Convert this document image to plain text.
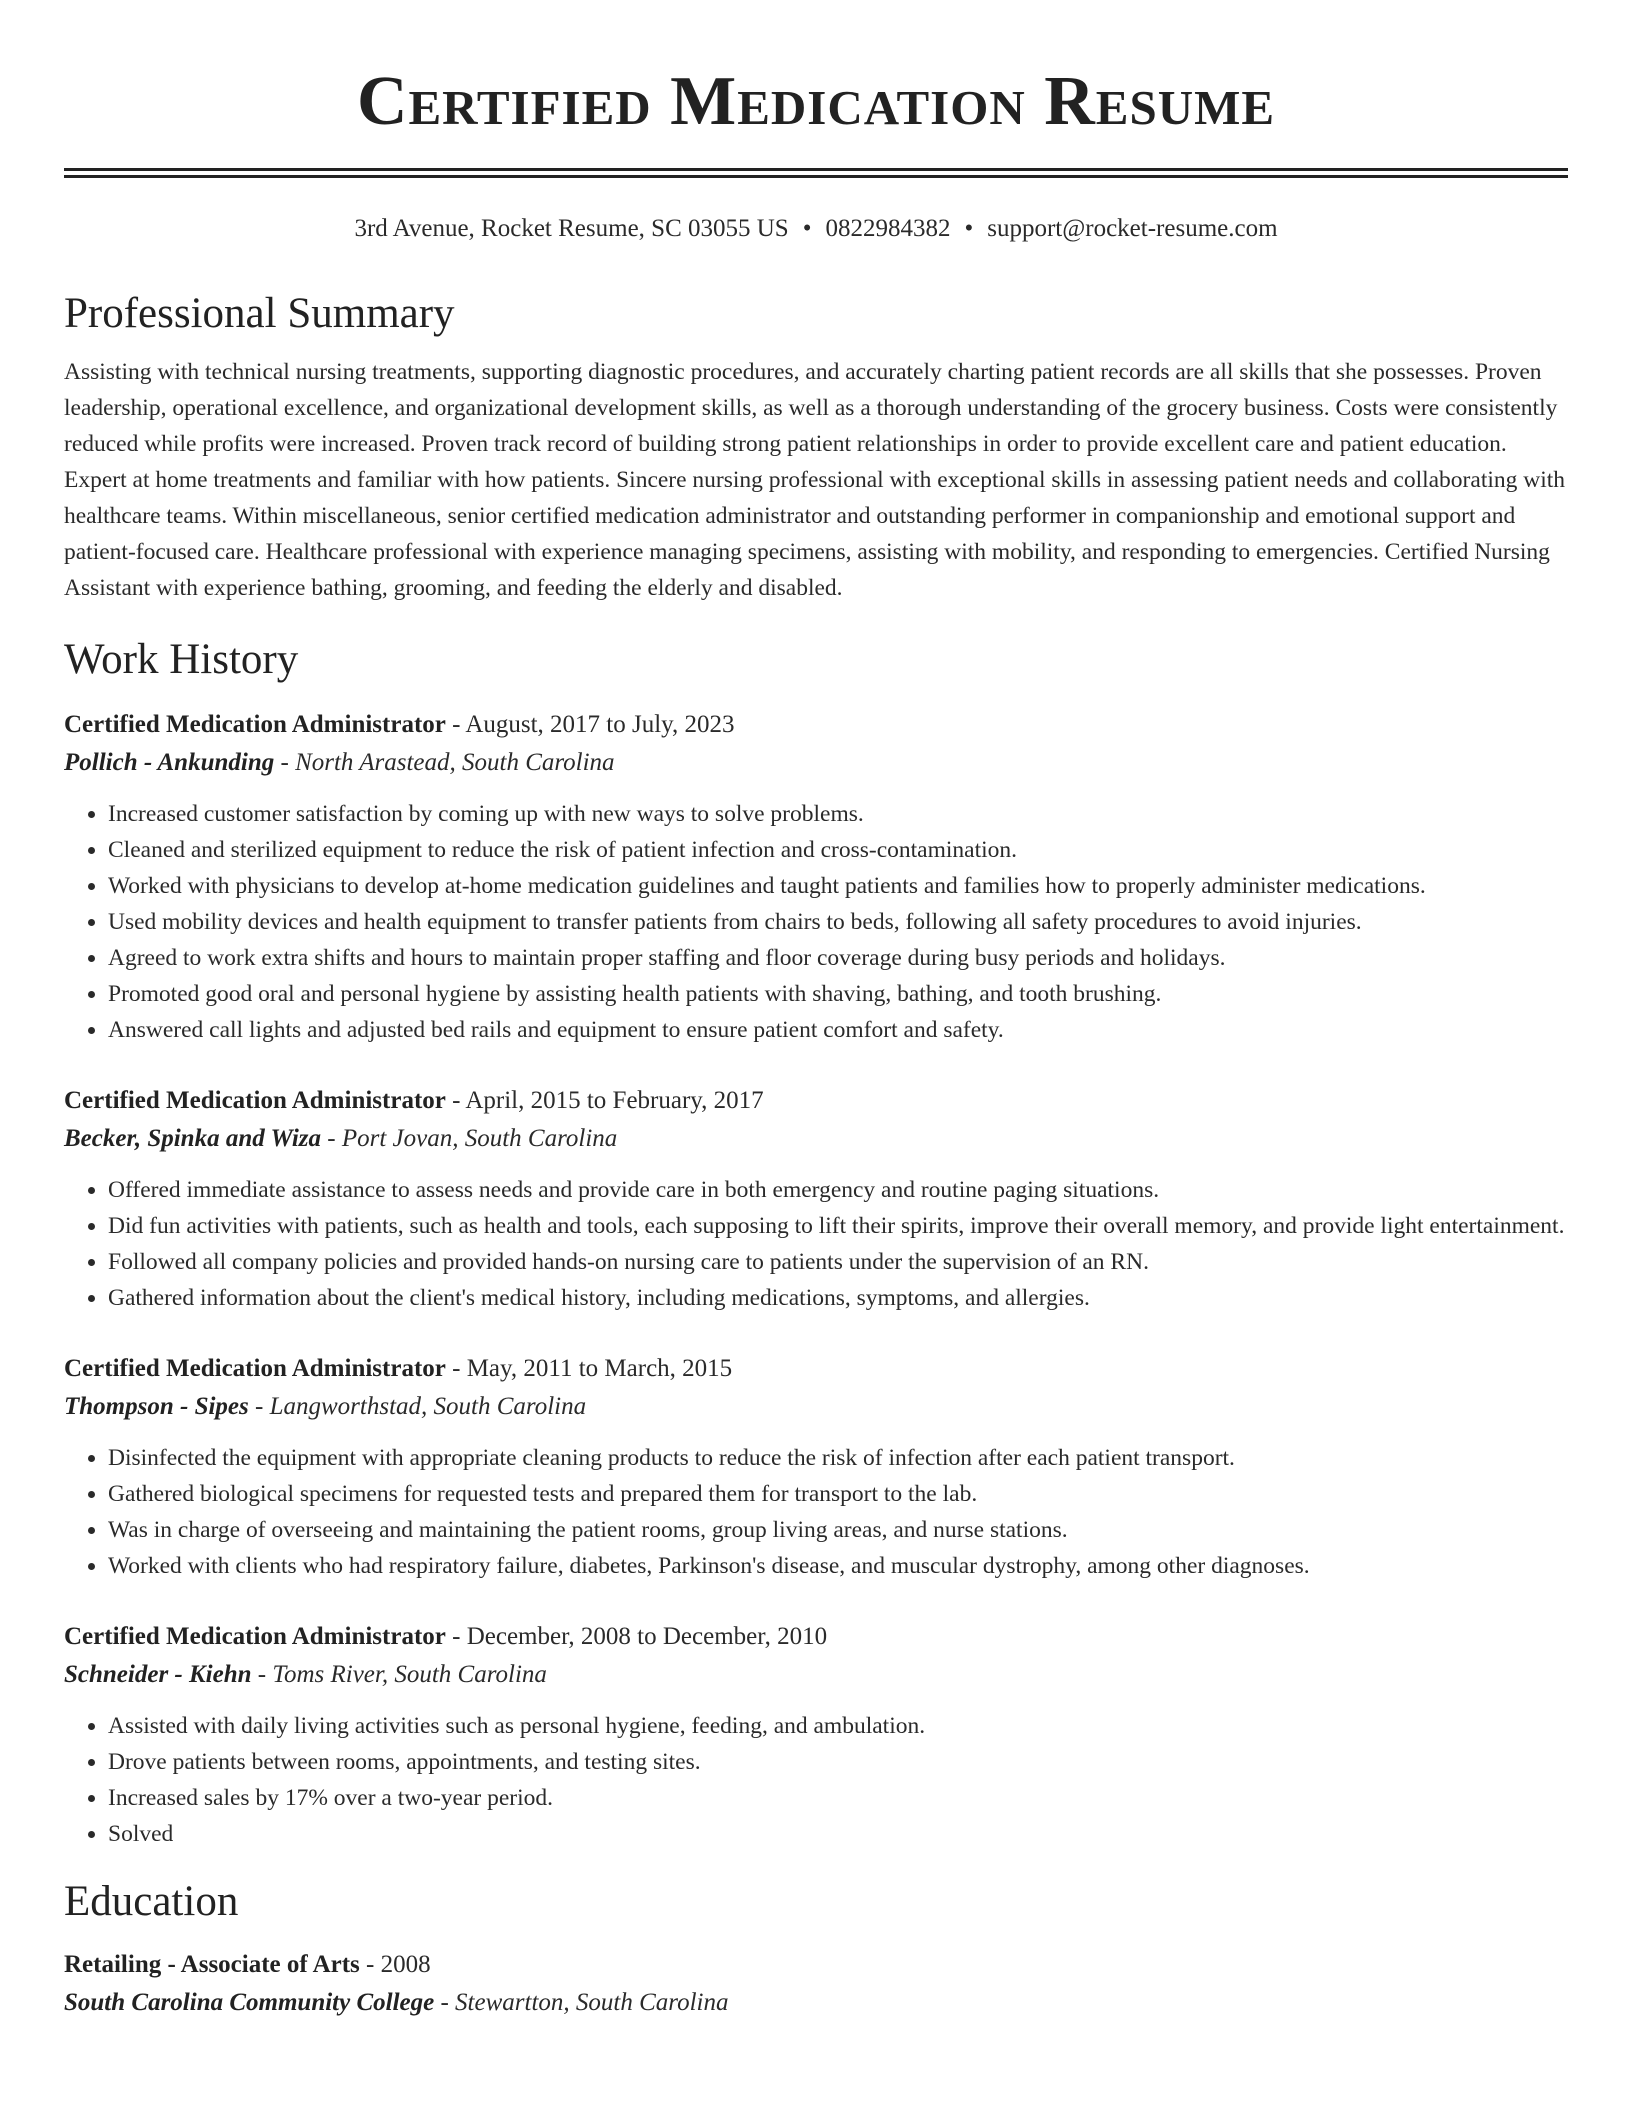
Certified Medication Resume
3rd Avenue, Rocket Resume, SC 03055 US • 0822984382 • support@rocket-resume.com
Professional Summary
Assisting with technical nursing treatments, supporting diagnostic procedures, and accurately charting patient records are all skills that she possesses. Proven leadership, operational excellence, and organizational development skills, as well as a thorough understanding of the grocery business. Costs were consistently reduced while profits were increased. Proven track record of building strong patient relationships in order to provide excellent care and patient education. Expert at home treatments and familiar with how patients. Sincere nursing professional with exceptional skills in assessing patient needs and collaborating with healthcare teams. Within miscellaneous, senior certified medication administrator and outstanding performer in companionship and emotional support and patient-focused care. Healthcare professional with experience managing specimens, assisting with mobility, and responding to emergencies. Certified Nursing Assistant with experience bathing, grooming, and feeding the elderly and disabled.
Work History
Certified Medication Administrator - August, 2017 to July, 2023
Pollich - Ankunding - North Arastead, South Carolina
• Increased customer satisfaction by coming up with new ways to solve problems.
• Cleaned and sterilized equipment to reduce the risk of patient infection and cross-contamination.
• Worked with physicians to develop at-home medication guidelines and taught patients and families how to properly administer medications.
• Used mobility devices and health equipment to transfer patients from chairs to beds, following all safety procedures to avoid injuries.
• Agreed to work extra shifts and hours to maintain proper staffing and floor coverage during busy periods and holidays.
• Promoted good oral and personal hygiene by assisting health patients with shaving, bathing, and tooth brushing.
• Answered call lights and adjusted bed rails and equipment to ensure patient comfort and safety.
Certified Medication Administrator - April, 2015 to February, 2017
Becker, Spinka and Wiza - Port Jovan, South Carolina
• Offered immediate assistance to assess needs and provide care in both emergency and routine paging situations.
• Did fun activities with patients, such as health and tools, each supposing to lift their spirits, improve their overall memory, and provide light entertainment.
• Followed all company policies and provided hands-on nursing care to patients under the supervision of an RN.
• Gathered information about the client's medical history, including medications, symptoms, and allergies.
Certified Medication Administrator - May, 2011 to March, 2015
Thompson - Sipes - Langworthstad, South Carolina
• Disinfected the equipment with appropriate cleaning products to reduce the risk of infection after each patient transport.
• Gathered biological specimens for requested tests and prepared them for transport to the lab.
• Was in charge of overseeing and maintaining the patient rooms, group living areas, and nurse stations.
• Worked with clients who had respiratory failure, diabetes, Parkinson's disease, and muscular dystrophy, among other diagnoses.
Certified Medication Administrator - December, 2008 to December, 2010
Schneider - Kiehn - Toms River, South Carolina
• Assisted with daily living activities such as personal hygiene, feeding, and ambulation.
• Drove patients between rooms, appointments, and testing sites.
• Increased sales by 17% over a two-year period.
• Solved
Education
Retailing - Associate of Arts - 2008
South Carolina Community College - Stewartton, South Carolina
